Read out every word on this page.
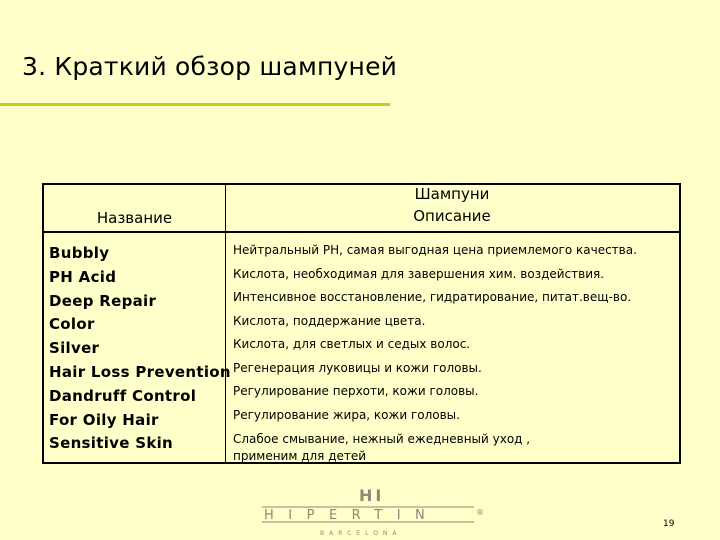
3. Краткий обзор шампуней
Шампуни
Название	Описание
Bubbly
PH Acid
Deep Repair
Color
Silver
Hair Loss Prevention
Dandruff Control
For Oily Hair
Sensitive Skin
Нейтральный PH, самая выгодная цена приемлемого качества.
Кислота, необходимая для завершения хим. воздействия.
Интенсивное восстановление, гидратирование, питат.вещ-во.
Кислота, поддержание цвета.
Кислота, для светлых и седых волос.
Регенерация луковицы и кожи головы.
Регулирование перхоти, кожи головы.
Регулирование жира, кожи головы.
Слабое смывание, нежный ежедневный уход , применим для детей
HI
HIPERTIN	®
BARCELONA
19
